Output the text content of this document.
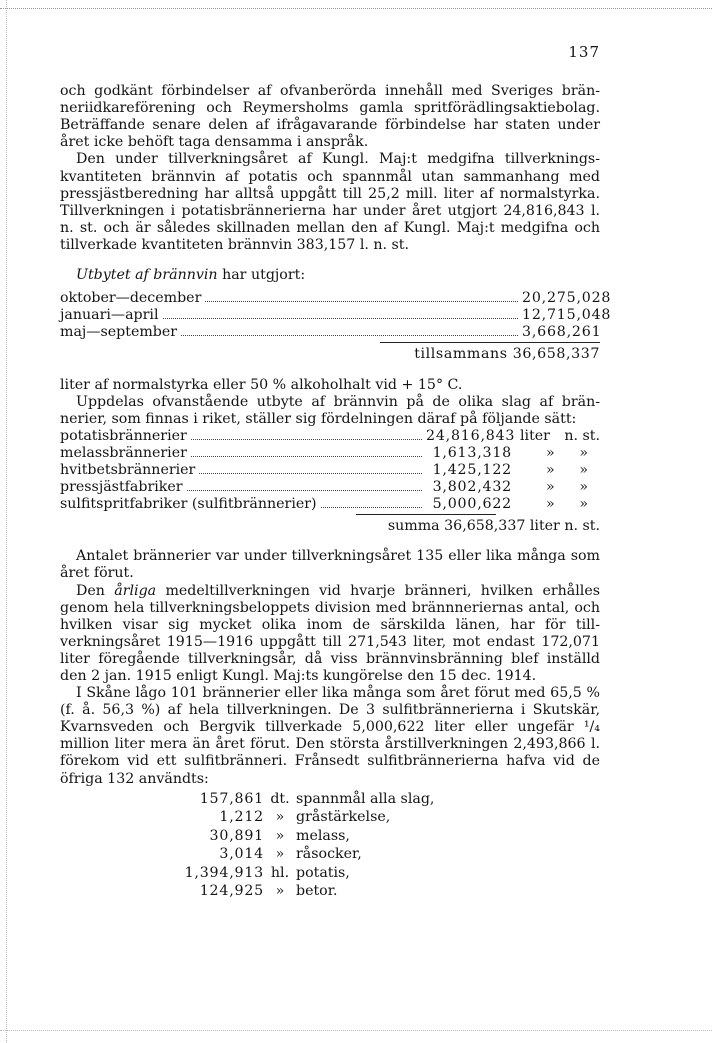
137

och godkänt förbindelser af ofvanberörda innehåll med Sveriges bränneriidkareförening och Reymersholms gamla spritförädlingsaktiebolag. Beträffande senare delen af ifrågavarande förbindelse har staten under året icke behöft taga densamma i anspråk.

Den under tillverkningsåret af Kungl. Maj:t medgifna tillverkningskvantiteten brännvin af potatis och spannmål utan sammanhang med pressjästberedning har alltså uppgått till 25,2 mill. liter af normalstyrka. Tillverkningen i potatisbrännerierna har under året utgjort 24,816,843 l. n. st. och är således skillnaden mellan den af Kungl. Maj:t medgifna och tillverkade kvantiteten brännvin 383,157 l. n. st.

Utbytet af brännvin har utgjort:

oktober—december	20,275,028
januari—april	12,715,048
maj—september	3,668,261
tillsammans 36,658,337

liter af normalstyrka eller 50 % alkoholhalt vid + 15° C.

Uppdelas ofvanstående utbyte af brännvin på de olika slag af brännerier, som finnas i riket, ställer sig fördelningen däraf på följande sätt:

potatisbrännerier	24,816,843 liter n. st.
melassbrännerier	1,613,318 » »
hvitbetsbrännerier	1,425,122 » »
pressjästfabriker	3,802,432 » »
sulfitspritfabriker (sulfitbrännerier)	5,000,622 » »
summa 36,658,337 liter n. st.

Antalet brännerier var under tillverkningsåret 135 eller lika många som året förut.

Den årliga medeltillverkningen vid hvarje bränneri, hvilken erhålles genom hela tillverkningsbeloppets division med brännneriernas antal, och hvilken visar sig mycket olika inom de särskilda länen, har för tillverkningsåret 1915—1916 uppgått till 271,543 liter, mot endast 172,071 liter föregående tillverkningsår, då viss brännvinsbränning blef inställd den 2 jan. 1915 enligt Kungl. Maj:ts kungörelse den 15 dec. 1914.

I Skåne lågo 101 brännerier eller lika många som året förut med 65,5 % (f. å. 56,3 %) af hela tillverkningen. De 3 sulfitbrännerierna i Skutskär, Kvarnsveden och Bergvik tillverkade 5,000,622 liter eller ungefär ¹/₄ million liter mera än året förut. Den största årstillverkningen 2,493,866 l. förekom vid ett sulfitbränneri. Frånsedt sulfitbrännerierna hafva vid de öfriga 132 användts:

157,861 dt. spannmål alla slag,
1,212 » gråstärkelse,
30,891 » melass,
3,014 » råsocker,
1,394,913 hl. potatis,
124,925 » betor.
